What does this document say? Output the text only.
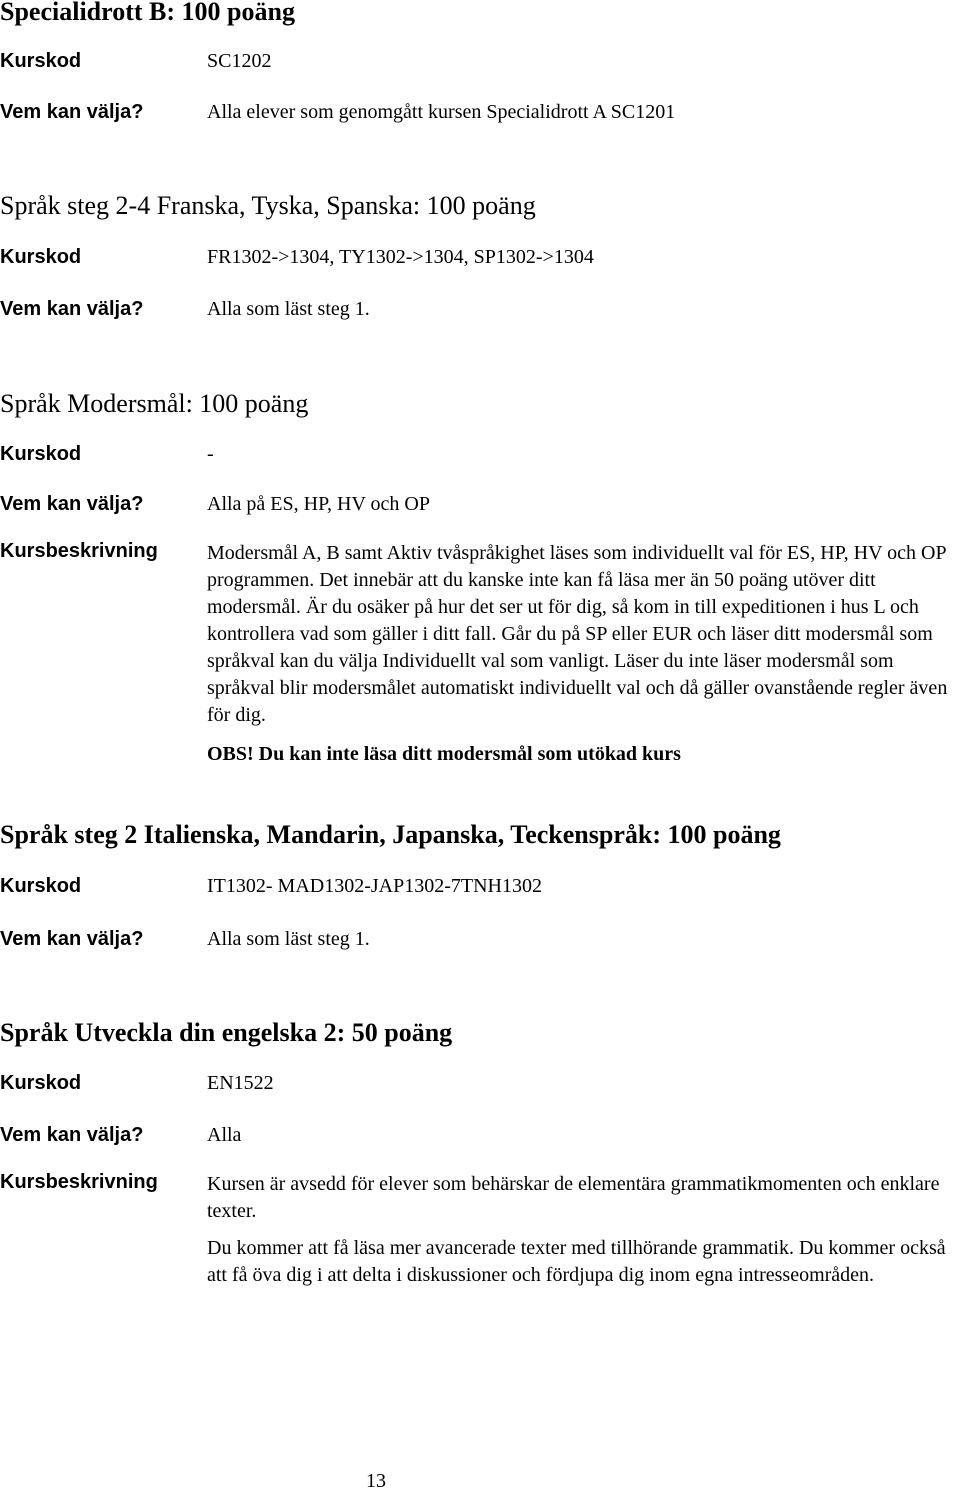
Specialidrott B: 100 poäng
Kurskod	SC1202
Vem kan välja?	Alla elever som genomgått kursen Specialidrott A SC1201
Språk steg 2-4 Franska, Tyska, Spanska: 100 poäng
Kurskod	FR1302->1304, TY1302->1304, SP1302->1304
Vem kan välja?	Alla som läst steg 1.
Språk Modersmål: 100 poäng
Kurskod	-
Vem kan välja?	Alla på ES, HP, HV och OP
Kursbeskrivning Modersmål A, B samt Aktiv tvåspråkighet läses som individuellt val för ES, HP, HV och OP programmen. Det innebär att du kanske inte kan få läsa mer än 50 poäng utöver ditt modersmål. Är du osäker på hur det ser ut för dig, så kom in till expeditionen i hus L och kontrollera vad som gäller i ditt fall. Går du på SP eller EUR och läser ditt modersmål som språkval kan du välja Individuellt val som vanligt. Läser du inte läser modersmål som språkval blir modersmålet automatiskt individuellt val och då gäller ovanstående regler även för dig.

OBS! Du kan inte läsa ditt modersmål som utökad kurs
Språk steg 2 Italienska, Mandarin, Japanska, Teckenspråk: 100 poäng
Kurskod	IT1302- MAD1302-JAP1302-7TNH1302
Vem kan välja?	Alla som läst steg 1.
Språk Utveckla din engelska 2: 50 poäng
Kurskod	EN1522
Vem kan välja?	Alla
Kursbeskrivning Kursen är avsedd för elever som behärskar de elementära grammatikmomenten och enklare texter.

Du kommer att få läsa mer avancerade texter med tillhörande grammatik. Du kommer också att få öva dig i att delta i diskussioner och fördjupa dig inom egna intresseområden.

13
